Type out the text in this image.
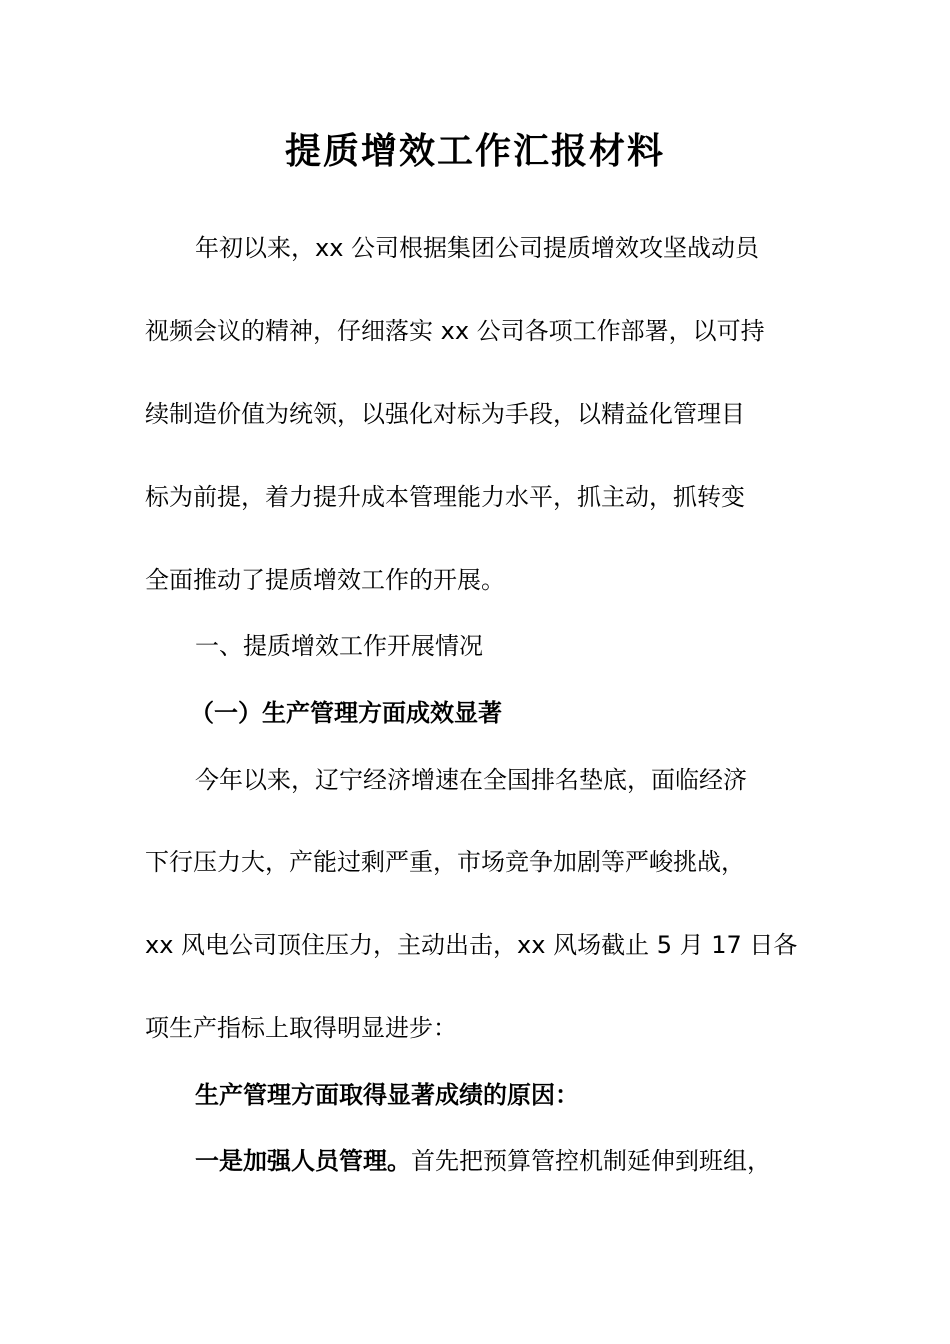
提质增效工作汇报材料
年初以来，xx 公司根据集团公司提质增效攻坚战动员
视频会议的精神，仔细落实 xx 公司各项工作部署，以可持
续制造价值为统领，以强化对标为手段，以精益化管理目
标为前提，着力提升成本管理能力水平，抓主动，抓转变
全面推动了提质增效工作的开展。
一、提质增效工作开展情况
（一）生产管理方面成效显著
今年以来，辽宁经济增速在全国排名垫底，面临经济
下行压力大，产能过剩严重，市场竞争加剧等严峻挑战，
xx 风电公司顶住压力，主动出击，xx 风场截止 5 月 17 日各
项生产指标上取得明显进步：
生产管理方面取得显著成绩的原因：
一是加强人员管理。首先把预算管控机制延伸到班组，
